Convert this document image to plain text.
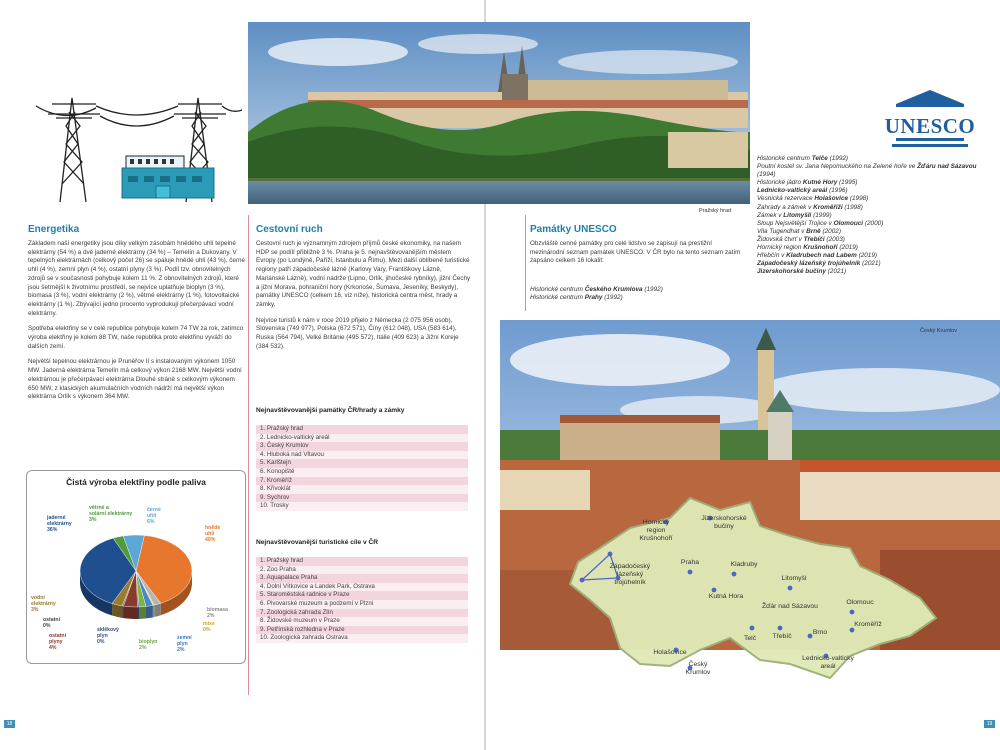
Energetika

Základem naší energetiky jsou díky velkým zásobám hnědého uhlí tepelné elektrárny (54 %) a dvě jaderné elektrárny (34 %) – Temelín a Dukovany. V tepelných elektrárnách (celkový počet 26) se spaluje hnědé uhlí (43 %), černé uhlí (4 %), zemní plyn (4 %), ostatní plyny (3 %). Podíl tzv. obnovitelných zdrojů se v současnosti pohybuje kolem 11 %. Z obnovitelných zdrojů, které jsou šetrnější k životnímu prostředí, se nejvíce uplatňuje bioplyn (3 %), biomasa (3 %), vodní elektrárny (2 %), větrné elektrárny (1 %), fotovoltaické elektrárny (1 %). Zbývající jedno procento vyprodukují přečerpávací vodní elektrárny.

Spotřeba elektřiny se v celé republice pohybuje kolem 74 TW za rok, zatímco výroba elektřiny je kolem 88 TW, naše republika proto elektřinu vyváží do dalších zemí.

Největší tepelnou elektrárnou je Prunéřov II s instalovaným výkonem 1050 MW. Jaderná elektrárna Temelín má celkový výkon 2168 MW. Největší vodní elektrárnou je přečerpávací elektrárna Dlouhé stráně s celkovým výkonem 650 MW, z klasických akumulačních vodních nádrží má největší výkon elektrárna Orlík s výkonem 364 MW.

Čistá výroba elektřiny podle paliva
jaderné elektrárny 36%
větrné a solární elektrárny 3%
černé uhlí 6%
hnědé uhlí 40%
biomasa 2%
mixe 0%
zemní plyn 2%
bioplyn 2%
sklěkový plyn 0%
ostatní plyny 4%
ostatní 0%
vodní elektrárny 3%
Pražský hrad
Cestovní ruch

Cestovní ruch je významným zdrojem příjmů české ekonomiky, na našem HDP se podílí přibližně 3 %. Praha je 5. nejnavštěvovanějším městem Evropy (po Londýně, Paříži, Istanbulu a Římu). Mezi další oblíbené turistické regiony patří západočeské lázně (Karlovy Vary, Františkovy Lázně, Mariánské Lázně), vodní nádrže (Lipno, Orlík, jihočeské rybníky), jižní Čechy a jižní Morava, pohraniční hory (Krkonoše, Šumava, Jeseníky, Beskydy), památky UNESCO (celkem 16, viz níže), historická centra měst, hrady a zámky.

Nejvíce turistů k nám v roce 2019 přijelo z Německa (2 075 956 osob), Slovenska (749 977), Polska (672 571), Číny (612 048), USA (583 614), Ruska (564 794), Velké Británie (495 572), Itálie (409 623) a Jižní Koreje (384 532).

Nejnavštěvovanější památky ČR/hrady a zámky
1. Pražský hrad
2. Lednicko-valtický areál
3. Český Krumlov
4. Hluboká nad Vltavou
5. Karlštejn
6. Konopiště
7. Kroměříž
8. Křivoklát
9. Sychrov
10. Trosky
Nejnavštěvovanější turistické cíle v ČR
1. Pražský hrad
2. Zoo Praha
3. Aquapalace Praha
4. Dolní Vítkovice a Landek Park, Ostrava
5. Staroměstská radnice v Praze
6. Pivovarské muzeum a podzemí v Plzni
7. Zoologická zahrada Zlín
8. Židovské muzeum v Praze
9. Petřínská rozhledna v Praze
10. Zoologická zahrada Ostrava
UNESCO
Historické centrum Telče (1992)
Poutní kostel sv. Jana Nepomuckého na Zelené hoře ve Žďáru nad Sázavou (1994)
Historické jádro Kutné Hory (1995)
Lednicko-valtický areál (1996)
Vesnická rezervace Holašovice (1998)
Zahrady a zámek v Kroměříži (1998)
Zámek v Litomyšli (1999)
Sloup Nejsvětější Trojice v Olomouci (2000)
Vila Tugendhat v Brně (2002)
Židovská čtvrť v Třebíči (2003)
Hornický region Krušnohoří (2019)
Hřebčín v Kladrubech nad Labem (2019)
Západočeský lázeňský trojúhelník (2021)
Jizerskohorské bučiny (2021)
Památky UNESCO
Obzvláště cenné památky pro celé lidstvo se zapisují na prestižní mezinárodní seznam památek UNESCO. V ČR bylo na tento seznam zatím zapsáno celkem 16 lokalit:
Historické centrum Českého Krumlova (1992)
Historické centrum Prahy (1992)
Český Krumlov
Hornický region Krušnohoří
Jizerskohorské bučiny
Západočeský lázeňský trojúhelník
Praha	Kladruby
Kutná Hora
Litomyšl
Žďár nad Sázavou
Olomouc
Kroměříž
Třebíč
Brno
Telč
Holašovice
Český Krumlov
Lednicko-valtický areál
18	19
